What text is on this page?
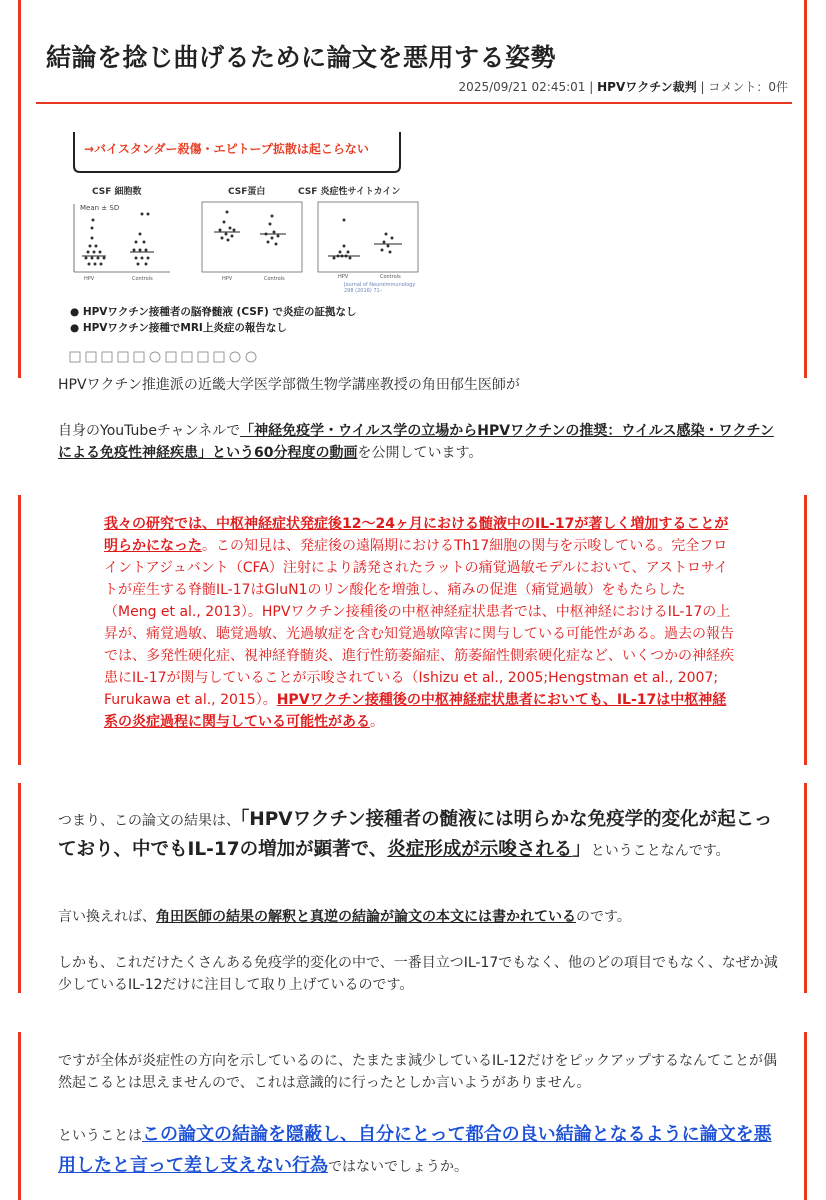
結論を捻じ曲げるために論文を悪用する姿勢
2025/09/21 02:45:01 | HPVワクチン裁判 | コメント：0件
→バイスタンダー殺傷・エピトープ拡散は起こらない
CSF 細胞数	CSF蛋白	CSF 炎症性サイトカイン
Mean ± SD
HPV	Controls	HPV	Controls	HPV	Controls
Journal of Neuroimmunology 298 (2016) 71–
● HPVワクチン接種者の脳脊髄液 (CSF) で炎症の証拠なし
● HPVワクチン接種でMRI上炎症の報告なし
HPVワクチン推進派の近畿大学医学部微生物学講座教授の角田郁生医師が
自身のYouTubeチャンネルで「神経免疫学・ウイルス学の立場からHPVワクチンの推奨：ウイルス感染・ワクチンによる免疫性神経疾患」という60分程度の動画を公開しています。
我々の研究では、中枢神経症状発症後12〜24ヶ月における髄液中のIL-17が著しく増加することが明らかになった。この知見は、発症後の遠隔期におけるTh17細胞の関与を示唆している。完全フロイントアジュバント（CFA）注射により誘発されたラットの痛覚過敏モデルにおいて、アストロサイトが産生する脊髄IL-17はGluN1のリン酸化を増強し、痛みの促進（痛覚過敏）をもたらした（Meng et al., 2013）。HPVワクチン接種後の中枢神経症状患者では、中枢神経におけるIL-17の上昇が、痛覚過敏、聴覚過敏、光過敏症を含む知覚過敏障害に関与している可能性がある。過去の報告では、多発性硬化症、視神経脊髄炎、進行性筋萎縮症、筋萎縮性側索硬化症など、いくつかの神経疾患にIL-17が関与していることが示唆されている（Ishizu et al., 2005;Hengstman et al., 2007; Furukawa et al., 2015）。HPVワクチン接種後の中枢神経症状患者においても、IL-17は中枢神経系の炎症過程に関与している可能性がある。
つまり、この論文の結果は、「HPVワクチン接種者の髄液には明らかな免疫学的変化が起こっており、中でもIL-17の増加が顕著で、炎症形成が示唆される」ということなんです。
言い換えれば、角田医師の結果の解釈と真逆の結論が論文の本文には書かれているのです。
しかも、これだけたくさんある免疫学的変化の中で、一番目立つIL-17でもなく、他のどの項目でもなく、なぜか減少しているIL-12だけに注目して取り上げているのです。
ですが全体が炎症性の方向を示しているのに、たまたま減少しているIL-12だけをピックアップするなんてことが偶然起こるとは思えませんので、これは意識的に行ったとしか言いようがありません。
ということはこの論文の結論を隠蔽し、自分にとって都合の良い結論となるように論文を悪用したと言って差し支えない行為ではないでしょうか。
